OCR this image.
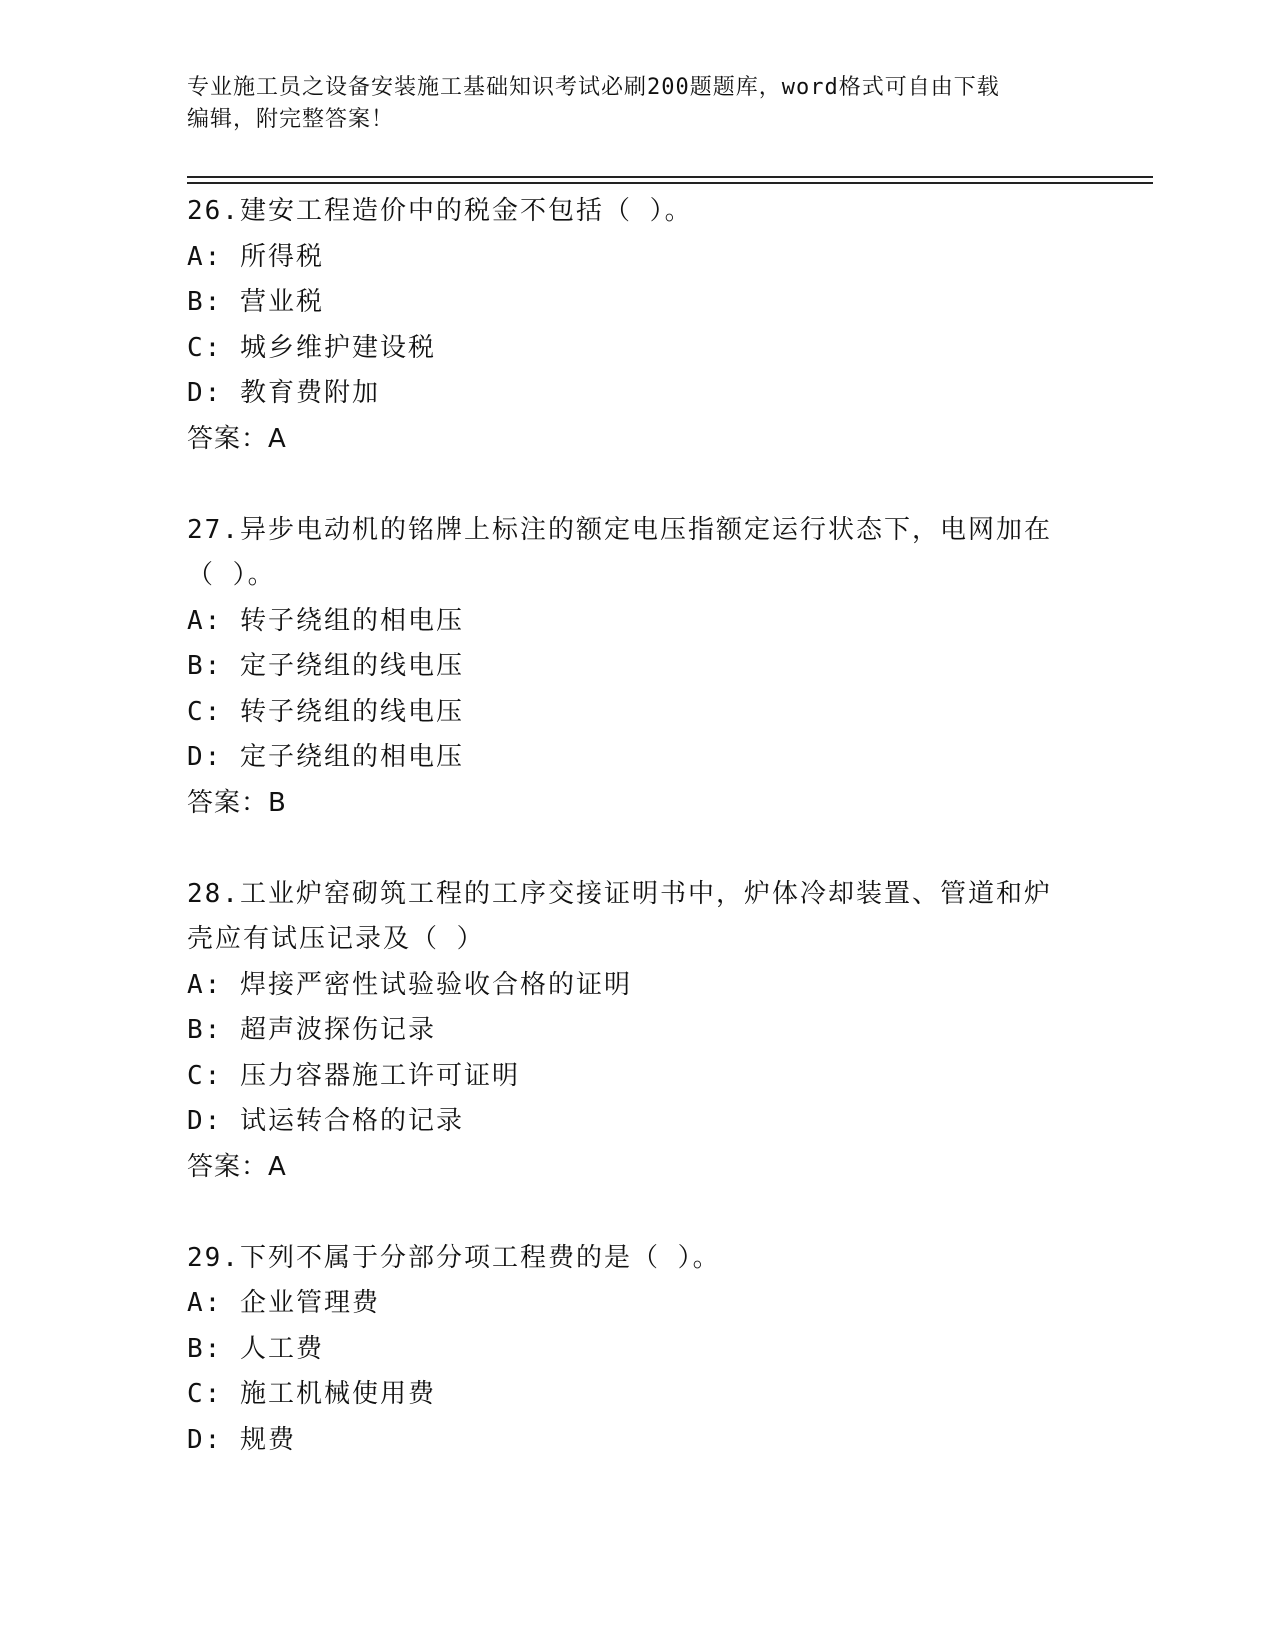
专业施工员之设备安装施工基础知识考试必刷200题题库，word格式可自由下载
编辑，附完整答案！
26.建安工程造价中的税金不包括（ ）。
A: 所得税
B: 营业税
C: 城乡维护建设税
D: 教育费附加
答案：A
27.异步电动机的铭牌上标注的额定电压指额定运行状态下，电网加在
（ ）。
A: 转子绕组的相电压
B: 定子绕组的线电压
C: 转子绕组的线电压
D: 定子绕组的相电压
答案：B
28.工业炉窑砌筑工程的工序交接证明书中，炉体冷却装置、管道和炉
壳应有试压记录及（ ）
A: 焊接严密性试验验收合格的证明
B: 超声波探伤记录
C: 压力容器施工许可证明
D: 试运转合格的记录
答案：A
29.下列不属于分部分项工程费的是（ ）。
A: 企业管理费
B: 人工费
C: 施工机械使用费
D: 规费
